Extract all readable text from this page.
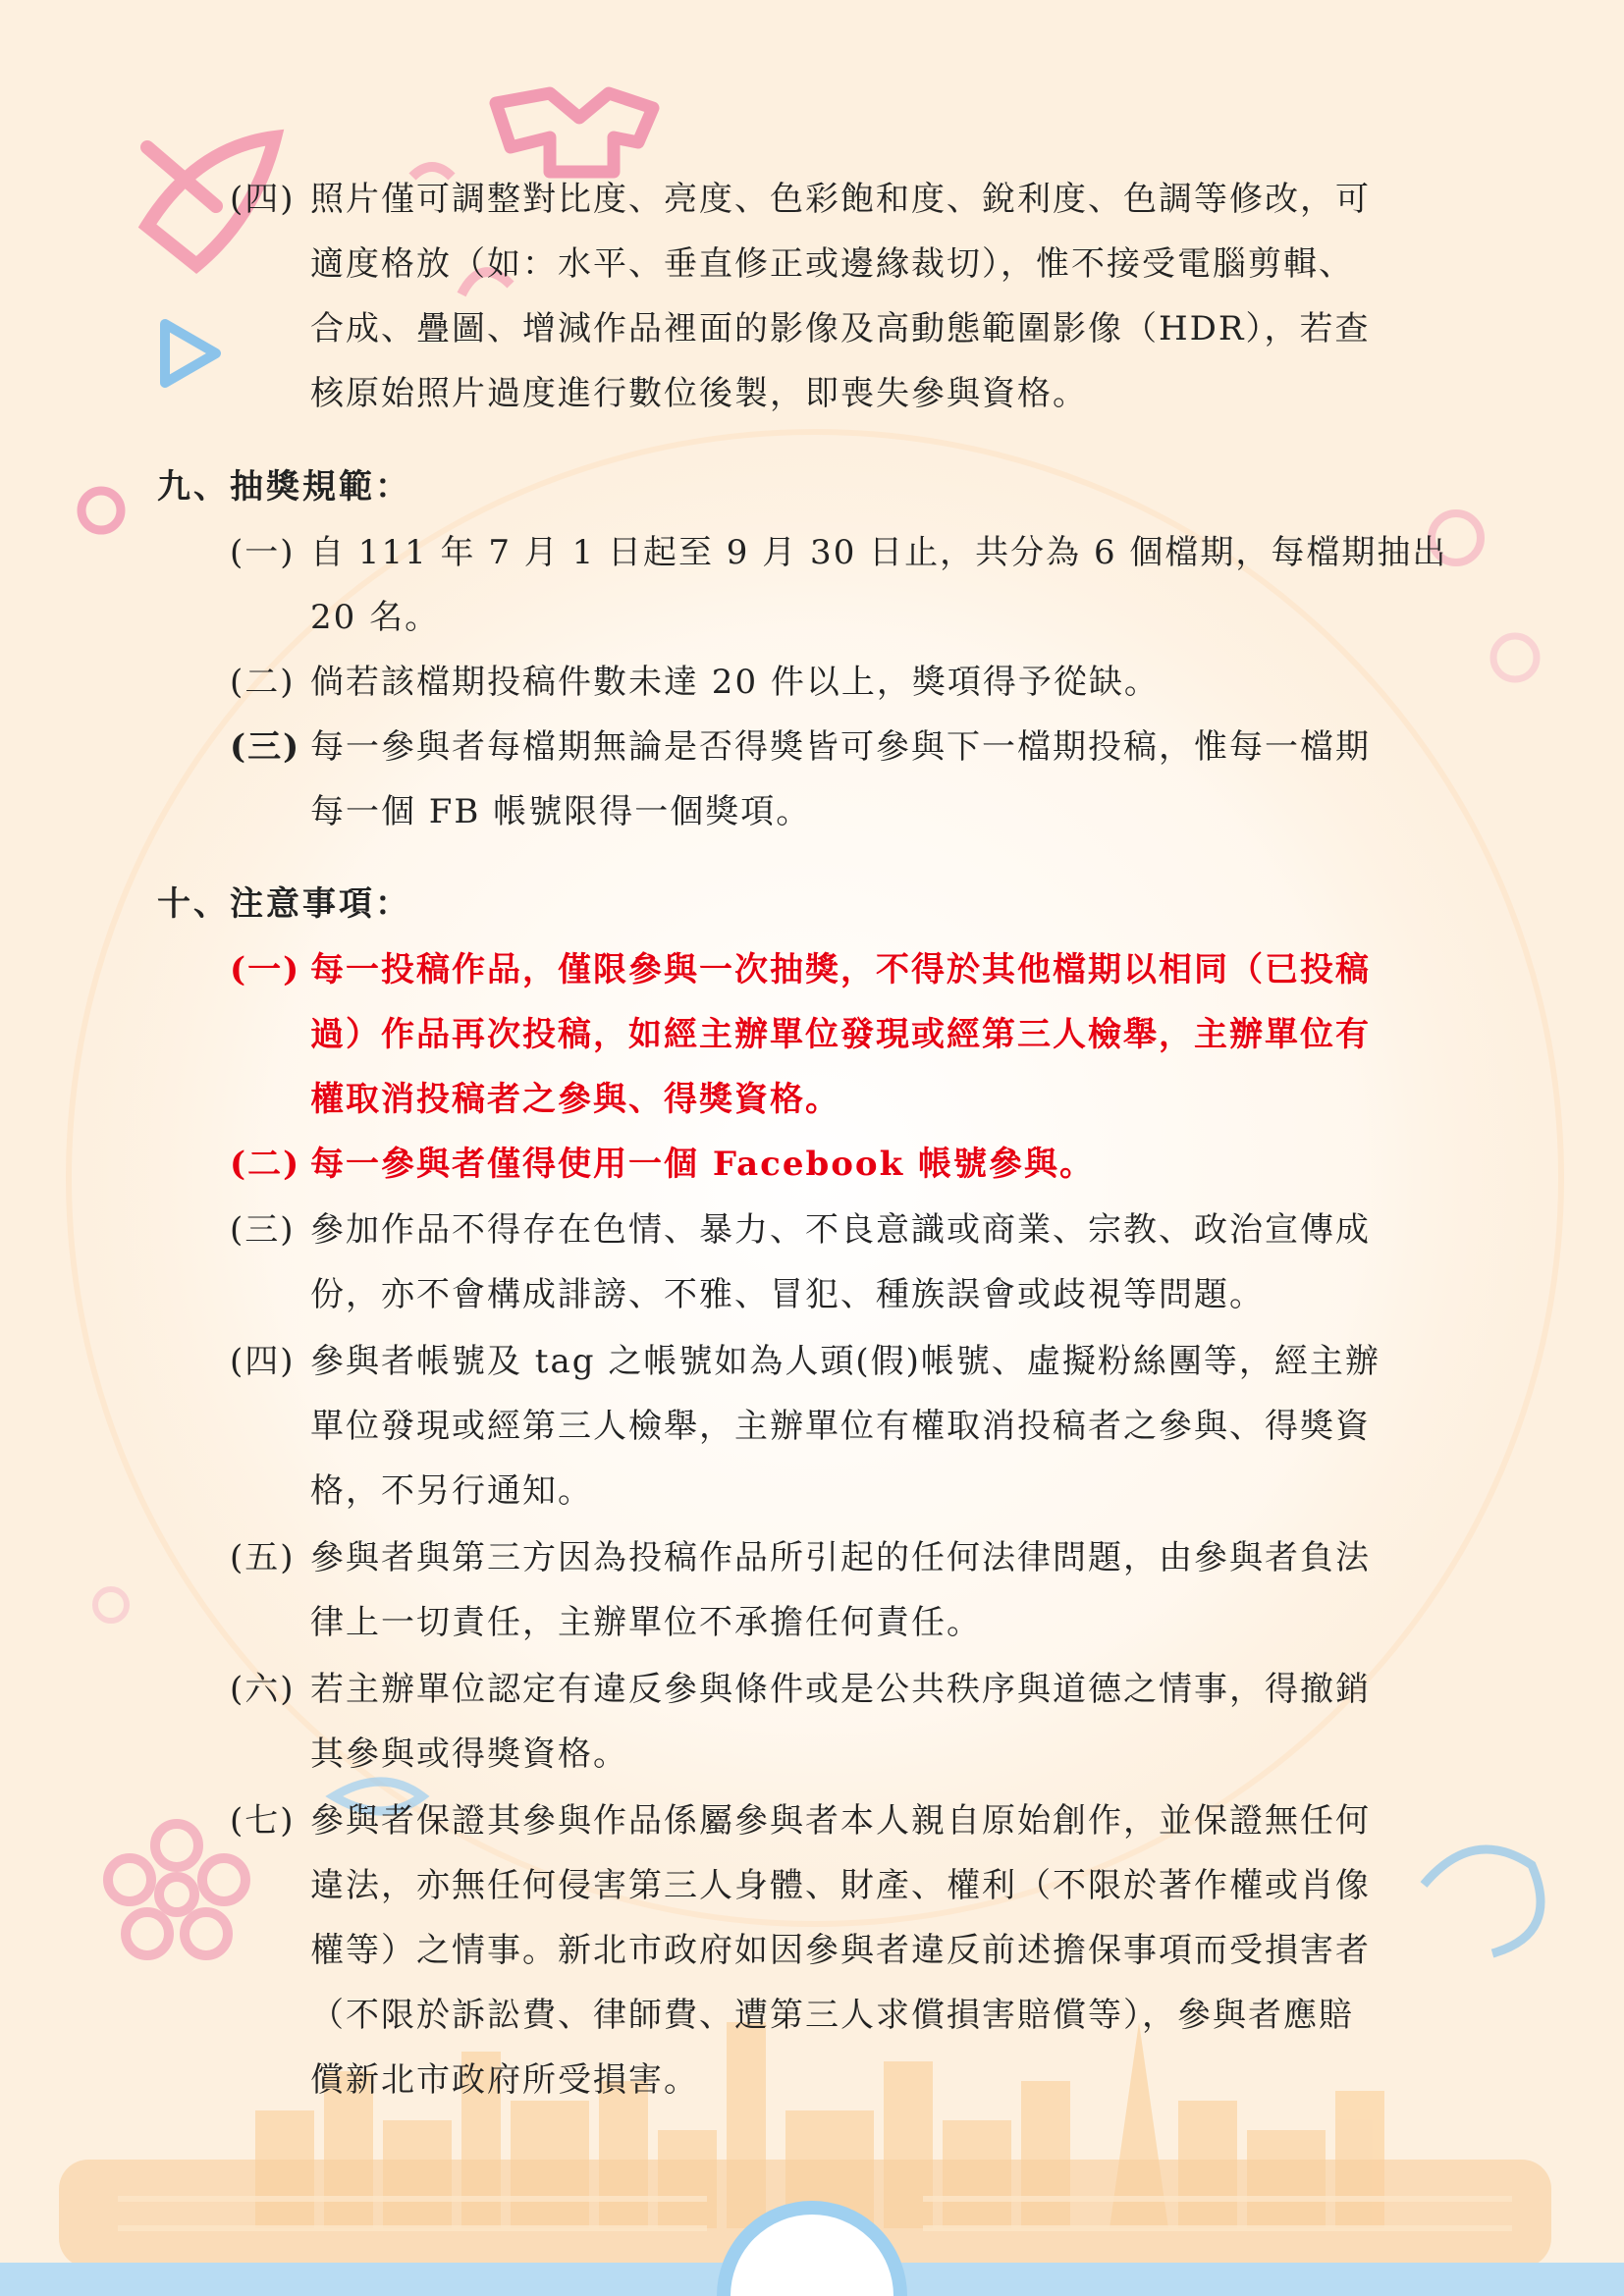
(四) 照片僅可調整對比度、亮度、色彩飽和度、銳利度、色調等修改，可
適度格放（如：水平、垂直修正或邊緣裁切），惟不接受電腦剪輯、
合成、疊圖、增減作品裡面的影像及高動態範圍影像（HDR），若查
核原始照片過度進行數位後製，即喪失參與資格。
九、抽獎規範：
(一) 自 111 年 7 月 1 日起至 9 月 30 日止，共分為 6 個檔期，每檔期抽出
20 名。
(二) 倘若該檔期投稿件數未達 20 件以上，獎項得予從缺。
(三) 每一參與者每檔期無論是否得獎皆可參與下一檔期投稿，惟每一檔期
每一個 FB 帳號限得一個獎項。
十、注意事項：
(一) 每一投稿作品，僅限參與一次抽獎，不得於其他檔期以相同（已投稿
過）作品再次投稿，如經主辦單位發現或經第三人檢舉，主辦單位有
權取消投稿者之參與、得獎資格。
(二) 每一參與者僅得使用一個 Facebook 帳號參與。
(三) 參加作品不得存在色情、暴力、不良意識或商業、宗教、政治宣傳成
份，亦不會構成誹謗、不雅、冒犯、種族誤會或歧視等問題。
(四) 參與者帳號及 tag 之帳號如為人頭(假)帳號、虛擬粉絲團等，經主辦
單位發現或經第三人檢舉，主辦單位有權取消投稿者之參與、得獎資
格，不另行通知。
(五) 參與者與第三方因為投稿作品所引起的任何法律問題，由參與者負法
律上一切責任，主辦單位不承擔任何責任。
(六) 若主辦單位認定有違反參與條件或是公共秩序與道德之情事，得撤銷
其參與或得獎資格。
(七) 參與者保證其參與作品係屬參與者本人親自原始創作，並保證無任何
違法，亦無任何侵害第三人身體、財產、權利（不限於著作權或肖像
權等）之情事。新北市政府如因參與者違反前述擔保事項而受損害者
（不限於訴訟費、律師費、遭第三人求償損害賠償等），參與者應賠
償新北市政府所受損害。
